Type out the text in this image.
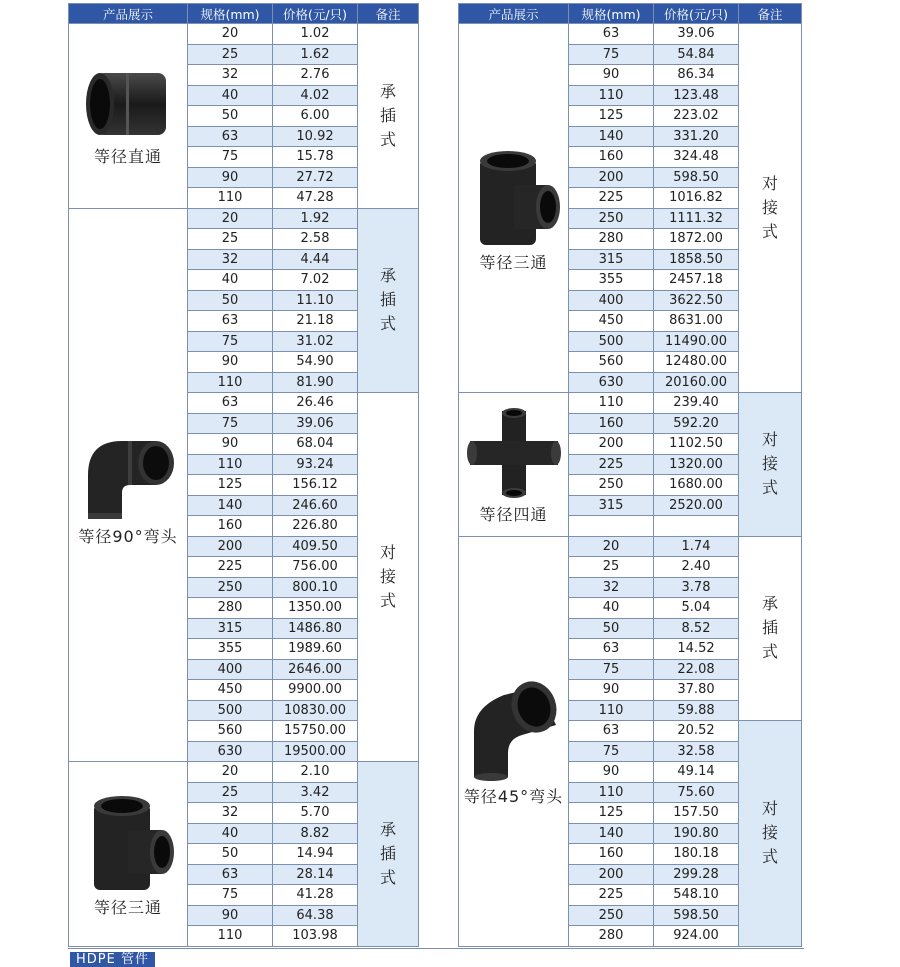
产品展示	规格(mm)	价格(元/只)	备注

等径直通	20	1.02	承
插
式

	25	1.62	
	32	2.76	
	40	4.02	
	50	6.00	
	63	10.92	
	75	15.78	
	90	27.72	
	110	47.28	

等径90°弯头	20	1.92	承
插
式

	25	2.58	
	32	4.44	
	40	7.02	
	50	11.10	
	63	21.18	
	75	31.02	
	90	54.90	
	110	81.90	
	63	26.46	对
接
式

	75	39.06	
	90	68.04	
	110	93.24	
	125	156.12	
	140	246.60	
	160	226.80	
	200	409.50	
	225	756.00	
	250	800.10	
	280	1350.00	
	315	1486.80	
	355	1989.60	
	400	2646.00	
	450	9900.00	
	500	10830.00	
	560	15750.00	
	630	19500.00	

等径三通	20	2.10	承
插
式

	25	3.42	
	32	5.70	
	40	8.82	
	50	14.94	
	63	28.14	
	75	41.28	
	90	64.38	
	110	103.98	
产品展示	规格(mm)	价格(元/只)	备注

等径三通	63	39.06	对
接
式

	75	54.84	
	90	86.34	
	110	123.48	
	125	223.02	
	140	331.20	
	160	324.48	
	200	598.50	
	225	1016.82	
	250	1111.32	
	280	1872.00	
	315	1858.50	
	355	2457.18	
	400	3622.50	
	450	8631.00	
	500	11490.00	
	560	12480.00	
	630	20160.00	

等径四通	110	239.40	对
接
式

	160	592.20	
	200	1102.50	
	225	1320.00	
	250	1680.00	
	315	2520.00	

等径45°弯头	20	1.74	承
插
式

	25	2.40	
	32	3.78	
	40	5.04	
	50	8.52	
	63	14.52	
	75	22.08	
	90	37.80	
	110	59.88	
	63	20.52	对
接
式

	75	32.58	
	90	49.14	
	110	75.60	
	125	157.50	
	140	190.80	
	160	180.18	
	200	299.28	
	225	548.10	
	250	598.50	
	280	924.00	
HDPE 管件
